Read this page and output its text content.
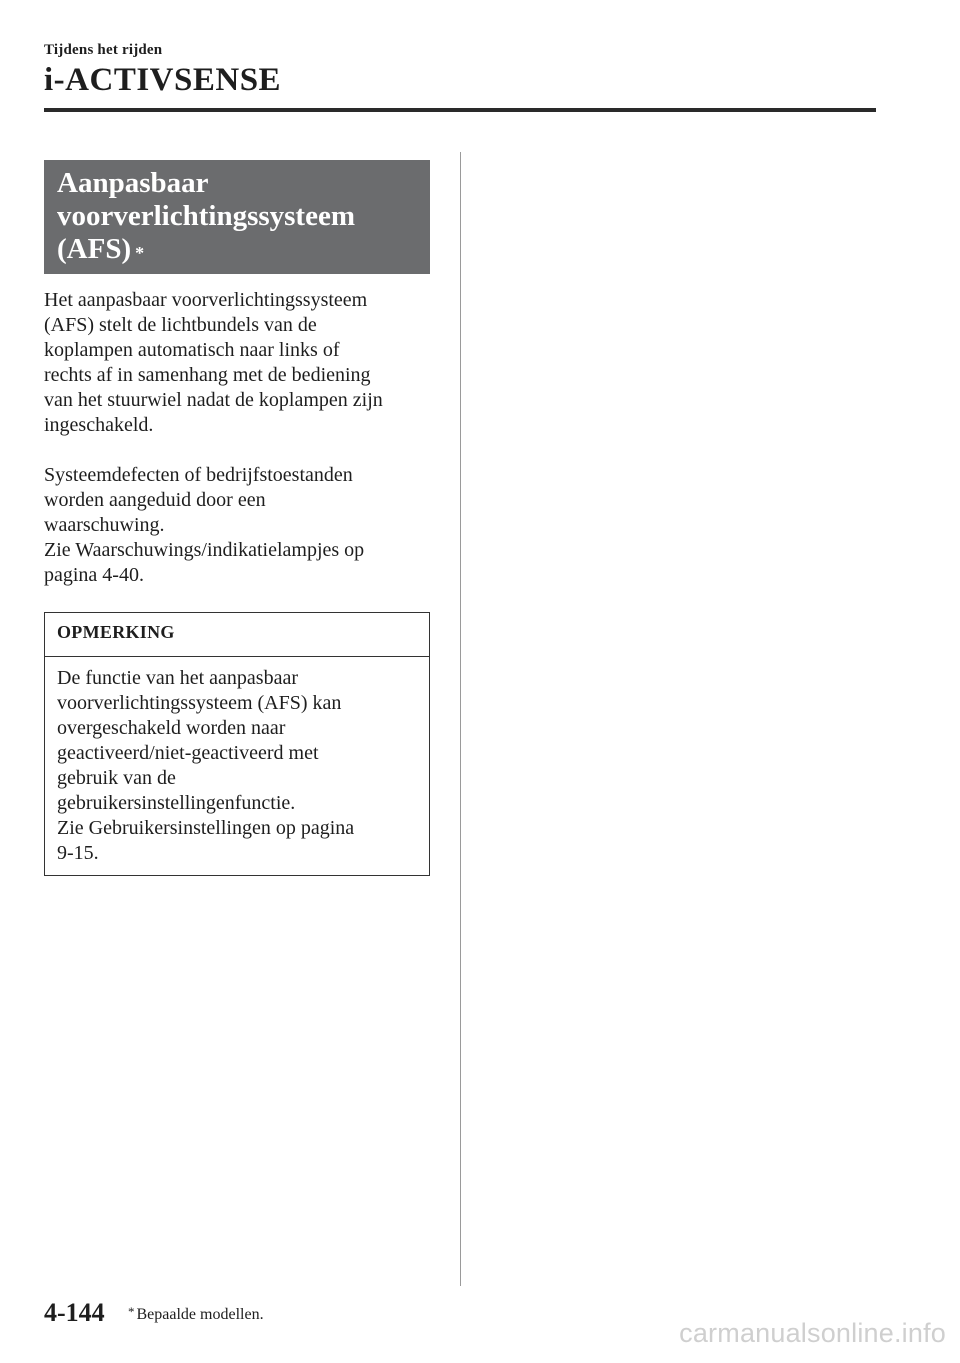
Tijdens het rijden
i-ACTIVSENSE
Aanpasbaar
voorverlichtingssysteem
(AFS) *
Het aanpasbaar voorverlichtingssysteem
(AFS) stelt de lichtbundels van de
koplampen automatisch naar links of
rechts af in samenhang met de bediening
van het stuurwiel nadat de koplampen zijn
ingeschakeld.
Systeemdefecten of bedrijfstoestanden
worden aangeduid door een
waarschuwing.
Zie Waarschuwings/indikatielampjes op
pagina 4-40.
OPMERKING
De functie van het aanpasbaar
voorverlichtingssysteem (AFS) kan
overgeschakeld worden naar
geactiveerd/niet-geactiveerd met
gebruik van de
gebruikersinstellingenfunctie.
Zie Gebruikersinstellingen op pagina
9-15.
4-144 * Bepaalde modellen.
carmanualsonline.info
